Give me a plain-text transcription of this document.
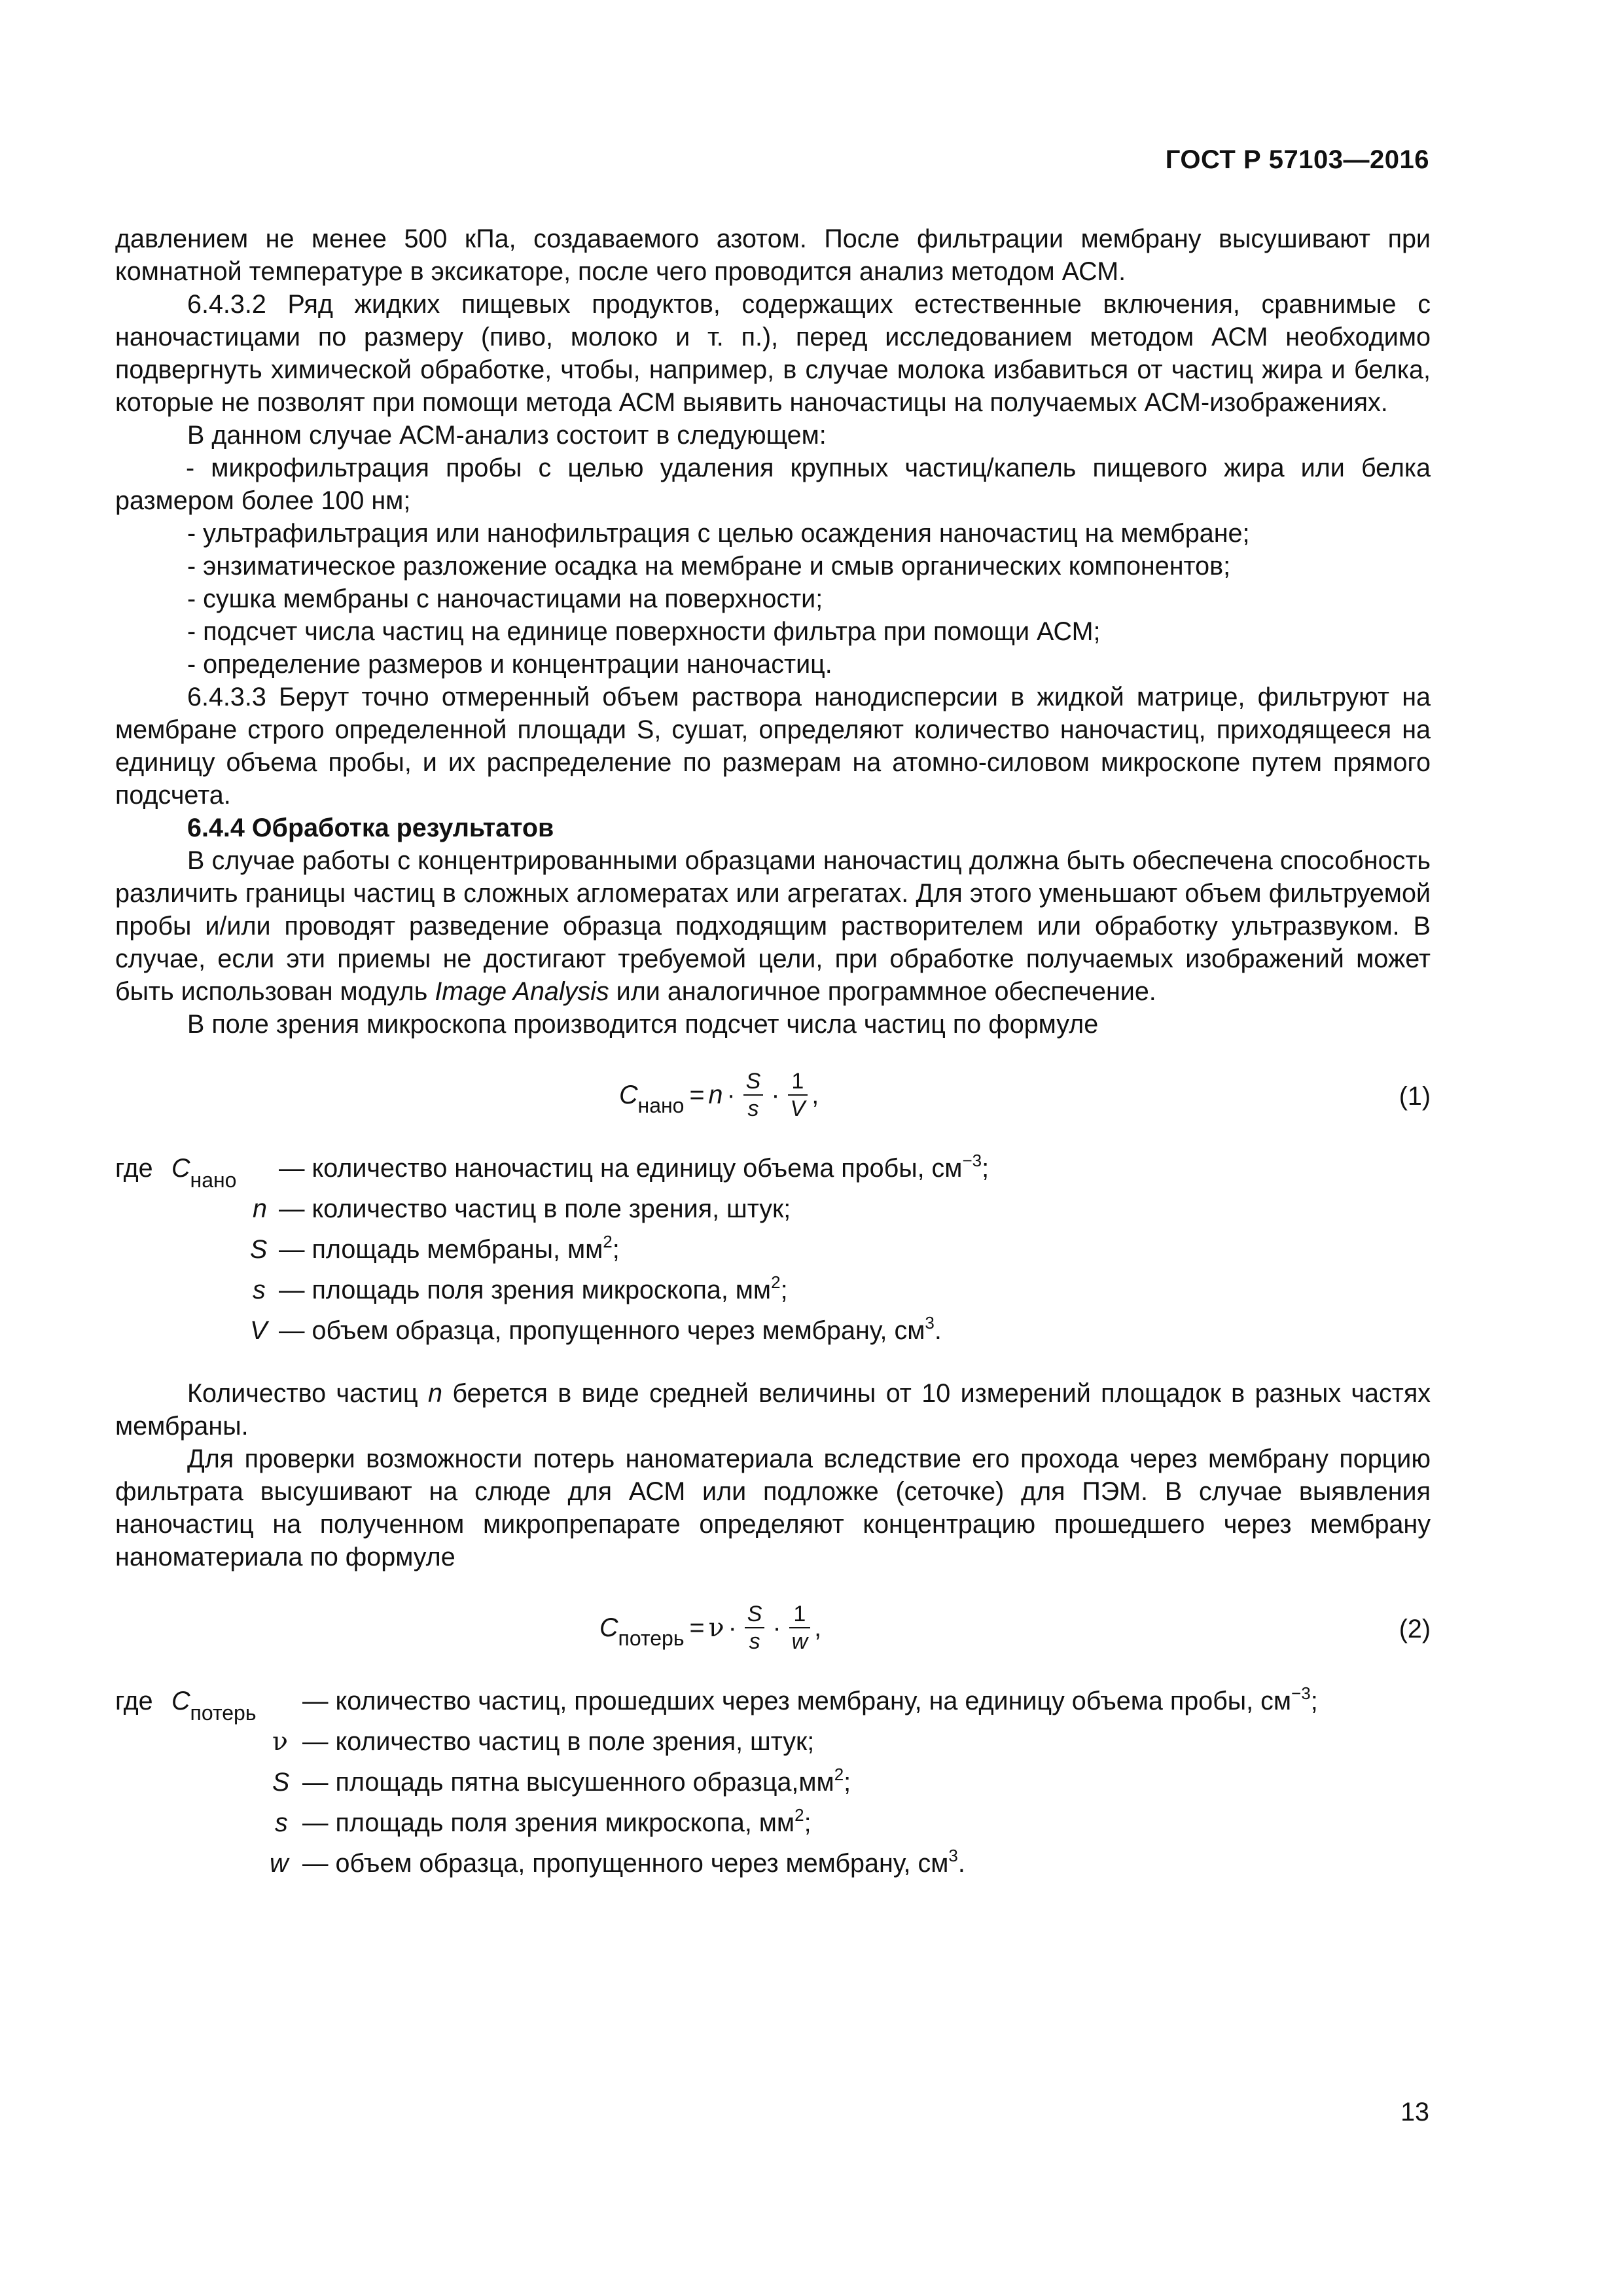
ГОСТ Р 57103—2016

давлением не менее 500 кПа, создаваемого азотом. После фильтрации мембрану высушивают при комнатной температуре в эксикаторе, после чего проводится анализ методом АСМ.

6.4.3.2 Ряд жидких пищевых продуктов, содержащих естественные включения, сравнимые с наночастицами по размеру (пиво, молоко и т. п.), перед исследованием методом АСМ необходимо подвергнуть химической обработке, чтобы, например, в случае молока избавиться от частиц жира и белка, которые не позволят при помощи метода АСМ выявить наночастицы на получаемых АСМ-изображениях.

В данном случае АСМ-анализ состоит в следующем:

- микрофильтрация пробы с целью удаления крупных частиц/капель пищевого жира или белка размером более 100 нм;

- ультрафильтрация или нанофильтрация с целью осаждения наночастиц на мембране;

- энзиматическое разложение осадка на мембране и смыв органических компонентов;

- сушка мембраны с наночастицами на поверхности;

- подсчет числа частиц на единице поверхности фильтра при помощи АСМ;

- определение размеров и концентрации наночастиц.

6.4.3.3 Берут точно отмеренный объем раствора нанодисперсии в жидкой матрице, фильтруют на мембране строго определенной площади S, сушат, определяют количество наночастиц, приходящееся на единицу объема пробы, и их распределение по размерам на атомно-силовом микроскопе путем прямого подсчета.

6.4.4 Обработка результатов

В случае работы с концентрированными образцами наночастиц должна быть обеспечена способность различить границы частиц в сложных агломератах или агрегатах. Для этого уменьшают объем фильтруемой пробы и/или проводят разведение образца подходящим растворителем или обработку ультразвуком. В случае, если эти приемы не достигают требуемой цели, при обработке получаемых изображений может быть использован модуль Image Analysis или аналогичное программное обеспечение.

В поле зрения микроскопа производится подсчет числа частиц по формуле

C нано = $n \cdot \frac{S}{s} \cdot \frac{1}{V}$ ,	(1)
где $C_{нано}$ — количество наночастиц на единицу объема пробы, $см^{-3}$;
n — количество частиц в поле зрения, штук;
S — площадь мембраны, $мм^2$;
s — площадь поля зрения микроскопа, $мм^2$;
V — объем образца, пропущенного через мембрану, $см^3$.

Количество частиц n берется в виде средней величины от 10 измерений площадок в разных частях мембраны.

Для проверки возможности потерь наноматериала вследствие его прохода через мембрану порцию фильтрата высушивают на слюде для АСМ или подложке (сеточке) для ПЭМ. В случае выявления наночастиц на полученном микропрепарате определяют концентрацию прошедшего через мембрану наноматериала по формуле

C потерь = $\nu \cdot \frac{S}{s} \cdot \frac{1}{w}$ ,	(2)
где $C_{потерь}$ — количество частиц, прошедших через мембрану, на единицу объема пробы, $см^{-3}$;
ν — количество частиц в поле зрения, штук;
S — площадь пятна высушенного $образца,мм^2$;
s — площадь поля зрения микроскопа, $мм^2$;
w — объем образца, пропущенного через мембрану, $см^3$.
13
